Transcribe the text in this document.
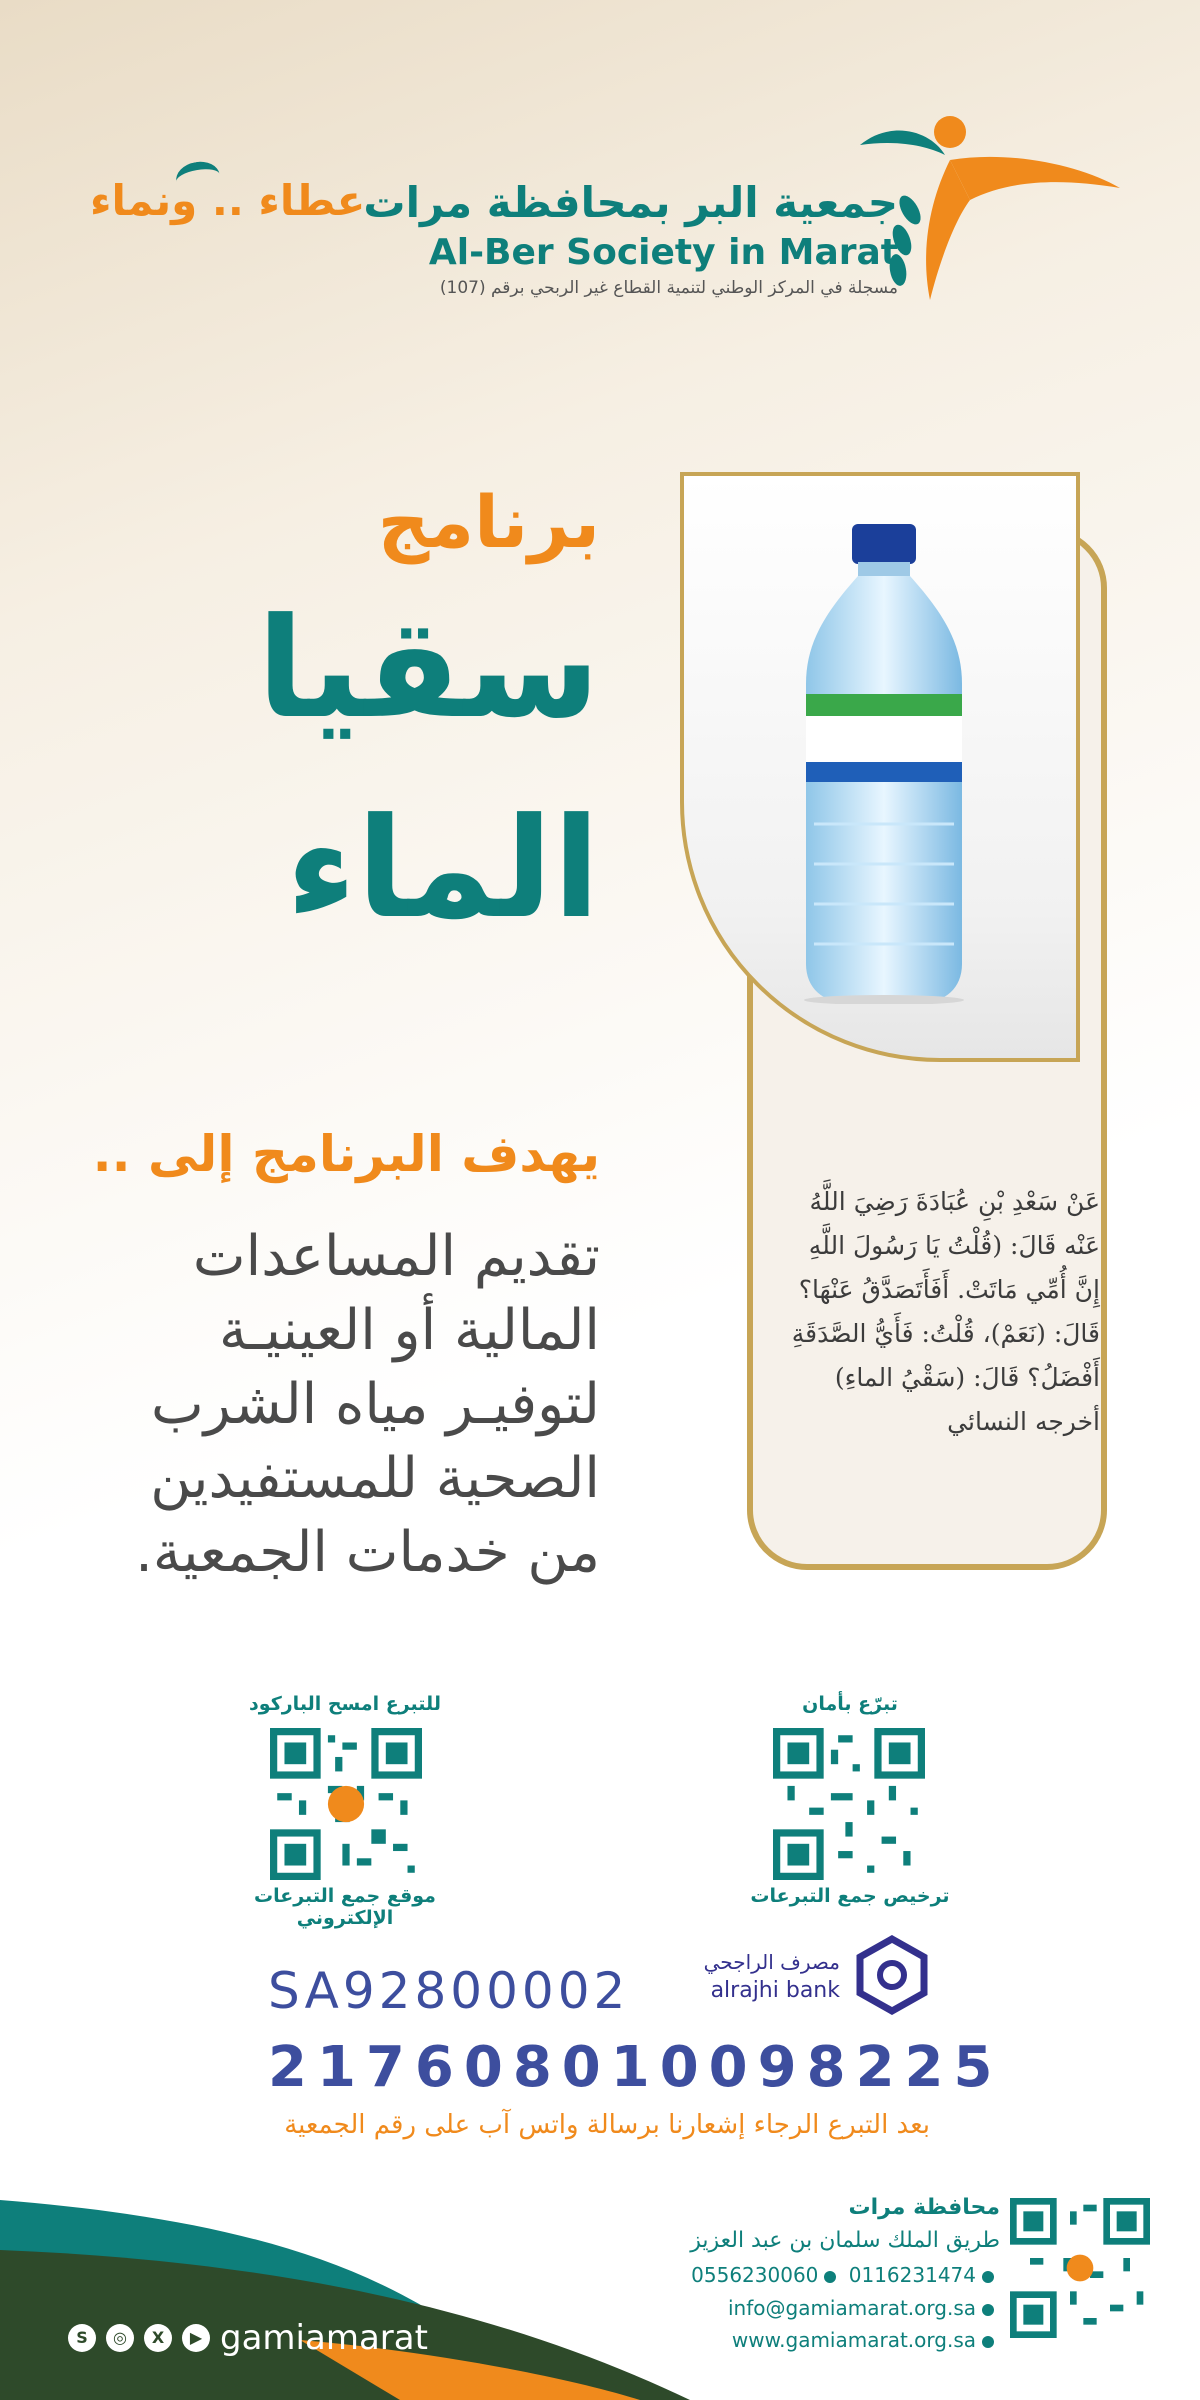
عطاء .. ونماء
جمعية البر بمحافظة مرات
Al-Ber Society in Marat
مسجلة في المركز الوطني لتنمية القطاع غير الربحي برقم (107)
برنامج
سقيا
الماء
عَنْ سَعْدِ بْنِ عُبَادَةَ رَضِيَ اللَّهُ عَنْه قَالَ: (قُلْتُ يَا رَسُولَ اللَّهِ إِنَّ أُمِّي مَاتَتْ. أَفَأَتَصَدَّقُ عَنْهَا؟ قَالَ: (نَعَمْ)، قُلْتُ: فَأَيُّ الصَّدَقَةِ أَفْضَلُ؟ قَالَ: (سَقْيُ الماءِ) أخرجه النسائي
يهدف البرنامج إلى ..
تقديم المساعدات المالية أو العينيـة لتوفيـر مياه الشرب الصحية للمستفيدين من خدمات الجمعية.
للتبرع امسح الباركود
موقع جمع التبرعات الإلكتروني
تبرّع بأمان
ترخيص جمع التبرعات
مصرف الراجحي
alrajhi bank
SA92800002
217608010098225
بعد التبرع الرجاء إشعارنا برسالة واتس آب على رقم الجمعية
S	◎	X	▶ gamiamarat
محافظة مرات
طريق الملك سلمان بن عبد العزيز
0556230060 0116231474
info@gamiamarat.org.sa
www.gamiamarat.org.sa
